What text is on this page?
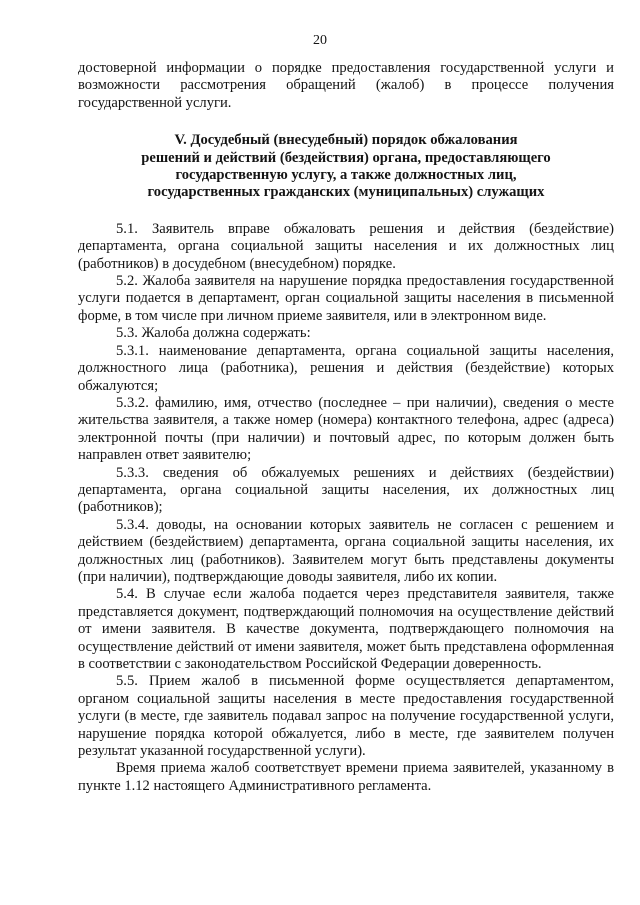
20

достоверной информации о порядке предоставления государственной услуги и возможности рассмотрения обращений (жалоб) в процессе получения государственной услуги.

V. Досудебный (внесудебный) порядок обжалования
решений и действий (бездействия) органа, предоставляющего
государственную услугу, а также должностных лиц,
государственных гражданских (муниципальных) служащих

5.1. Заявитель вправе обжаловать решения и действия (бездействие) департамента, органа социальной защиты населения и их должностных лиц (работников) в досудебном (внесудебном) порядке.

5.2. Жалоба заявителя на нарушение порядка предоставления государственной услуги подается в департамент, орган социальной защиты населения в письменной форме, в том числе при личном приеме заявителя, или в электронном виде.

5.3. Жалоба должна содержать:

5.3.1. наименование департамента, органа социальной защиты населения, должностного лица (работника), решения и действия (бездействие) которых обжалуются;

5.3.2. фамилию, имя, отчество (последнее – при наличии), сведения о месте жительства заявителя, а также номер (номера) контактного телефона, адрес (адреса) электронной почты (при наличии) и почтовый адрес, по которым должен быть направлен ответ заявителю;

5.3.3. сведения об обжалуемых решениях и действиях (бездействии) департамента, органа социальной защиты населения, их должностных лиц (работников);

5.3.4. доводы, на основании которых заявитель не согласен с решением и действием (бездействием) департамента, органа социальной защиты населения, их должностных лиц (работников). Заявителем могут быть представлены документы (при наличии), подтверждающие доводы заявителя, либо их копии.

5.4. В случае если жалоба подается через представителя заявителя, также представляется документ, подтверждающий полномочия на осуществление действий от имени заявителя. В качестве документа, подтверждающего полномочия на осуществление действий от имени заявителя, может быть представлена оформленная в соответствии с законодательством Российской Федерации доверенность.

5.5. Прием жалоб в письменной форме осуществляется департаментом, органом социальной защиты населения в месте предоставления государственной услуги (в месте, где заявитель подавал запрос на получение государственной услуги, нарушение порядка которой обжалуется, либо в месте, где заявителем получен результат указанной государственной услуги).

Время приема жалоб соответствует времени приема заявителей, указанному в пункте 1.12 настоящего Административного регламента.
